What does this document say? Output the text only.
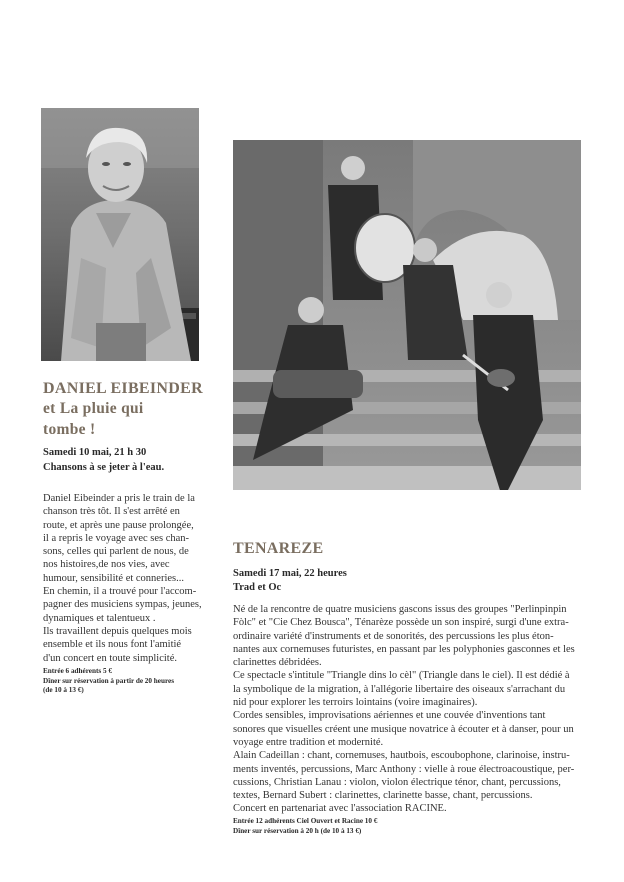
DANIEL EIBEINDER
et La pluie qui
tombe !
Samedi 10 mai, 21 h 30
Chansons à se jeter à l'eau.
Daniel Eibeinder a pris le train de la
chanson très tôt. Il s'est arrêté en
route, et après une pause prolongée,
il a repris le voyage avec ses chan-
sons, celles qui parlent de nous, de
nos histoires,de nos vies, avec
humour, sensibilité et conneries...
En chemin, il a trouvé pour l'accom-
pagner des musiciens sympas, jeunes,
dynamiques et talentueux .
Ils travaillent depuis quelques mois
ensemble et ils nous font l'amitié
d'un concert en toute simplicité.
Entrée 6 adhérents 5 €
Dîner sur réservation à partir de 20 heures
(de 10 à 13 €)
TENAREZE
Samedi 17 mai, 22 heures
Trad et Oc
Né de la rencontre de quatre musiciens gascons issus des groupes "Perlinpinpin
Fòlc" et "Cie Chez Bousca", Ténarèze possède un son inspiré, surgi d'une extra-
ordinaire variété d'instruments et de sonorités, des percussions les plus éton-
nantes aux cornemuses futuristes, en passant par les polyphonies gasconnes et les
clarinettes débridées.
Ce spectacle s'intitule "Triangle dins lo cèl" (Triangle dans le ciel). Il est dédié à
la symbolique de la migration, à l'allégorie libertaire des oiseaux s'arrachant du
nid pour explorer les terroirs lointains (voire imaginaires).
Cordes sensibles, improvisations aériennes et une couvée d'inventions tant
sonores que visuelles créent une musique novatrice à écouter et à danser, pour un
voyage entre tradition et modernité.
Alain Cadeillan : chant, cornemuses, hautbois, escoubophone, clarinoise, instru-
ments inventés, percussions, Marc Anthony : vielle à roue électroacoustique, per-
cussions, Christian Lanau : violon, violon électrique ténor, chant, percussions,
textes, Bernard Subert : clarinettes, clarinette basse, chant, percussions.
Concert en partenariat avec l'association RACINE.
Entrée 12 adhérents Ciel Ouvert et Racine 10 €
Dîner sur réservation à 20 h (de 10 à 13 €)
